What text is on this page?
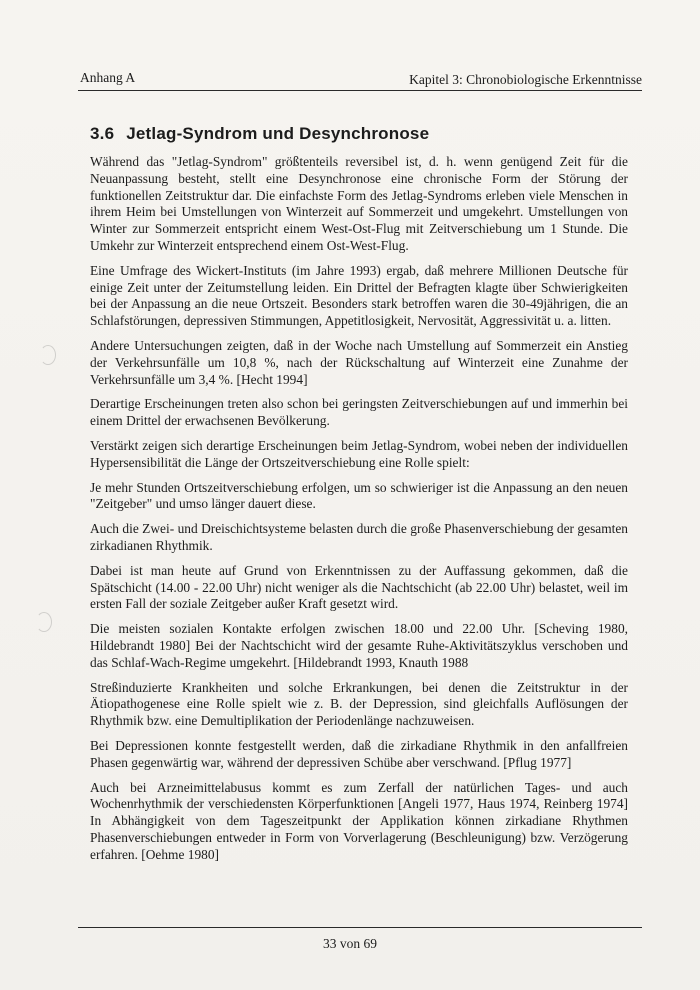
Anhang A	Kapitel 3: Chronobiologische Erkenntnisse
3.6 Jetlag-Syndrom und Desynchronose

Während das "Jetlag-Syndrom" größtenteils reversibel ist, d. h. wenn genügend Zeit für die Neuanpassung besteht, stellt eine Desynchronose eine chronische Form der Störung der funktionellen Zeitstruktur dar. Die einfachste Form des Jetlag-Syndroms erleben viele Menschen in ihrem Heim bei Umstellungen von Winterzeit auf Sommerzeit und umgekehrt. Umstellungen von Winter zur Sommerzeit entspricht einem West-Ost-Flug mit Zeitverschiebung um 1 Stunde. Die Umkehr zur Winterzeit entsprechend einem Ost-West-Flug.

Eine Umfrage des Wickert-Instituts (im Jahre 1993) ergab, daß mehrere Millionen Deutsche für einige Zeit unter der Zeitumstellung leiden. Ein Drittel der Befragten klagte über Schwierigkeiten bei der Anpassung an die neue Ortszeit. Besonders stark betroffen waren die 30-49jährigen, die an Schlafstörungen, depressiven Stimmungen, Appetitlosigkeit, Nervosität, Aggressivität u. a. litten.

Andere Untersuchungen zeigten, daß in der Woche nach Umstellung auf Sommerzeit ein Anstieg der Verkehrsunfälle um 10,8 %, nach der Rückschaltung auf Winterzeit eine Zunahme der Verkehrsunfälle um 3,4 %. [Hecht 1994]

Derartige Erscheinungen treten also schon bei geringsten Zeitverschiebungen auf und immerhin bei einem Drittel der erwachsenen Bevölkerung.

Verstärkt zeigen sich derartige Erscheinungen beim Jetlag-Syndrom, wobei neben der individuellen Hypersensibilität die Länge der Ortszeitverschiebung eine Rolle spielt:

Je mehr Stunden Ortszeitverschiebung erfolgen, um so schwieriger ist die Anpassung an den neuen "Zeitgeber" und umso länger dauert diese.

Auch die Zwei- und Dreischichtsysteme belasten durch die große Phasenverschiebung der gesamten zirkadianen Rhythmik.

Dabei ist man heute auf Grund von Erkenntnissen zu der Auffassung gekommen, daß die Spätschicht (14.00 - 22.00 Uhr) nicht weniger als die Nachtschicht (ab 22.00 Uhr) belastet, weil im ersten Fall der soziale Zeitgeber außer Kraft gesetzt wird.

Die meisten sozialen Kontakte erfolgen zwischen 18.00 und 22.00 Uhr. [Scheving 1980, Hildebrandt 1980] Bei der Nachtschicht wird der gesamte Ruhe-Aktivitätszyklus verschoben und das Schlaf-Wach-Regime umgekehrt. [Hildebrandt 1993, Knauth 1988

Streßinduzierte Krankheiten und solche Erkrankungen, bei denen die Zeitstruktur in der Ätiopathogenese eine Rolle spielt wie z. B. der Depression, sind gleichfalls Auflösungen der Rhythmik bzw. eine Demultiplikation der Periodenlänge nachzuweisen.

Bei Depressionen konnte festgestellt werden, daß die zirkadiane Rhythmik in den anfallfreien Phasen gegenwärtig war, während der depressiven Schübe aber verschwand. [Pflug 1977]

Auch bei Arzneimittelabusus kommt es zum Zerfall der natürlichen Tages- und auch Wochenrhythmik der verschiedensten Körperfunktionen [Angeli 1977, Haus 1974, Reinberg 1974] In Abhängigkeit von dem Tageszeitpunkt der Applikation können zirkadiane Rhythmen Phasenverschiebungen entweder in Form von Vorverlagerung (Beschleunigung) bzw. Verzögerung erfahren. [Oehme 1980]

33 von 69
